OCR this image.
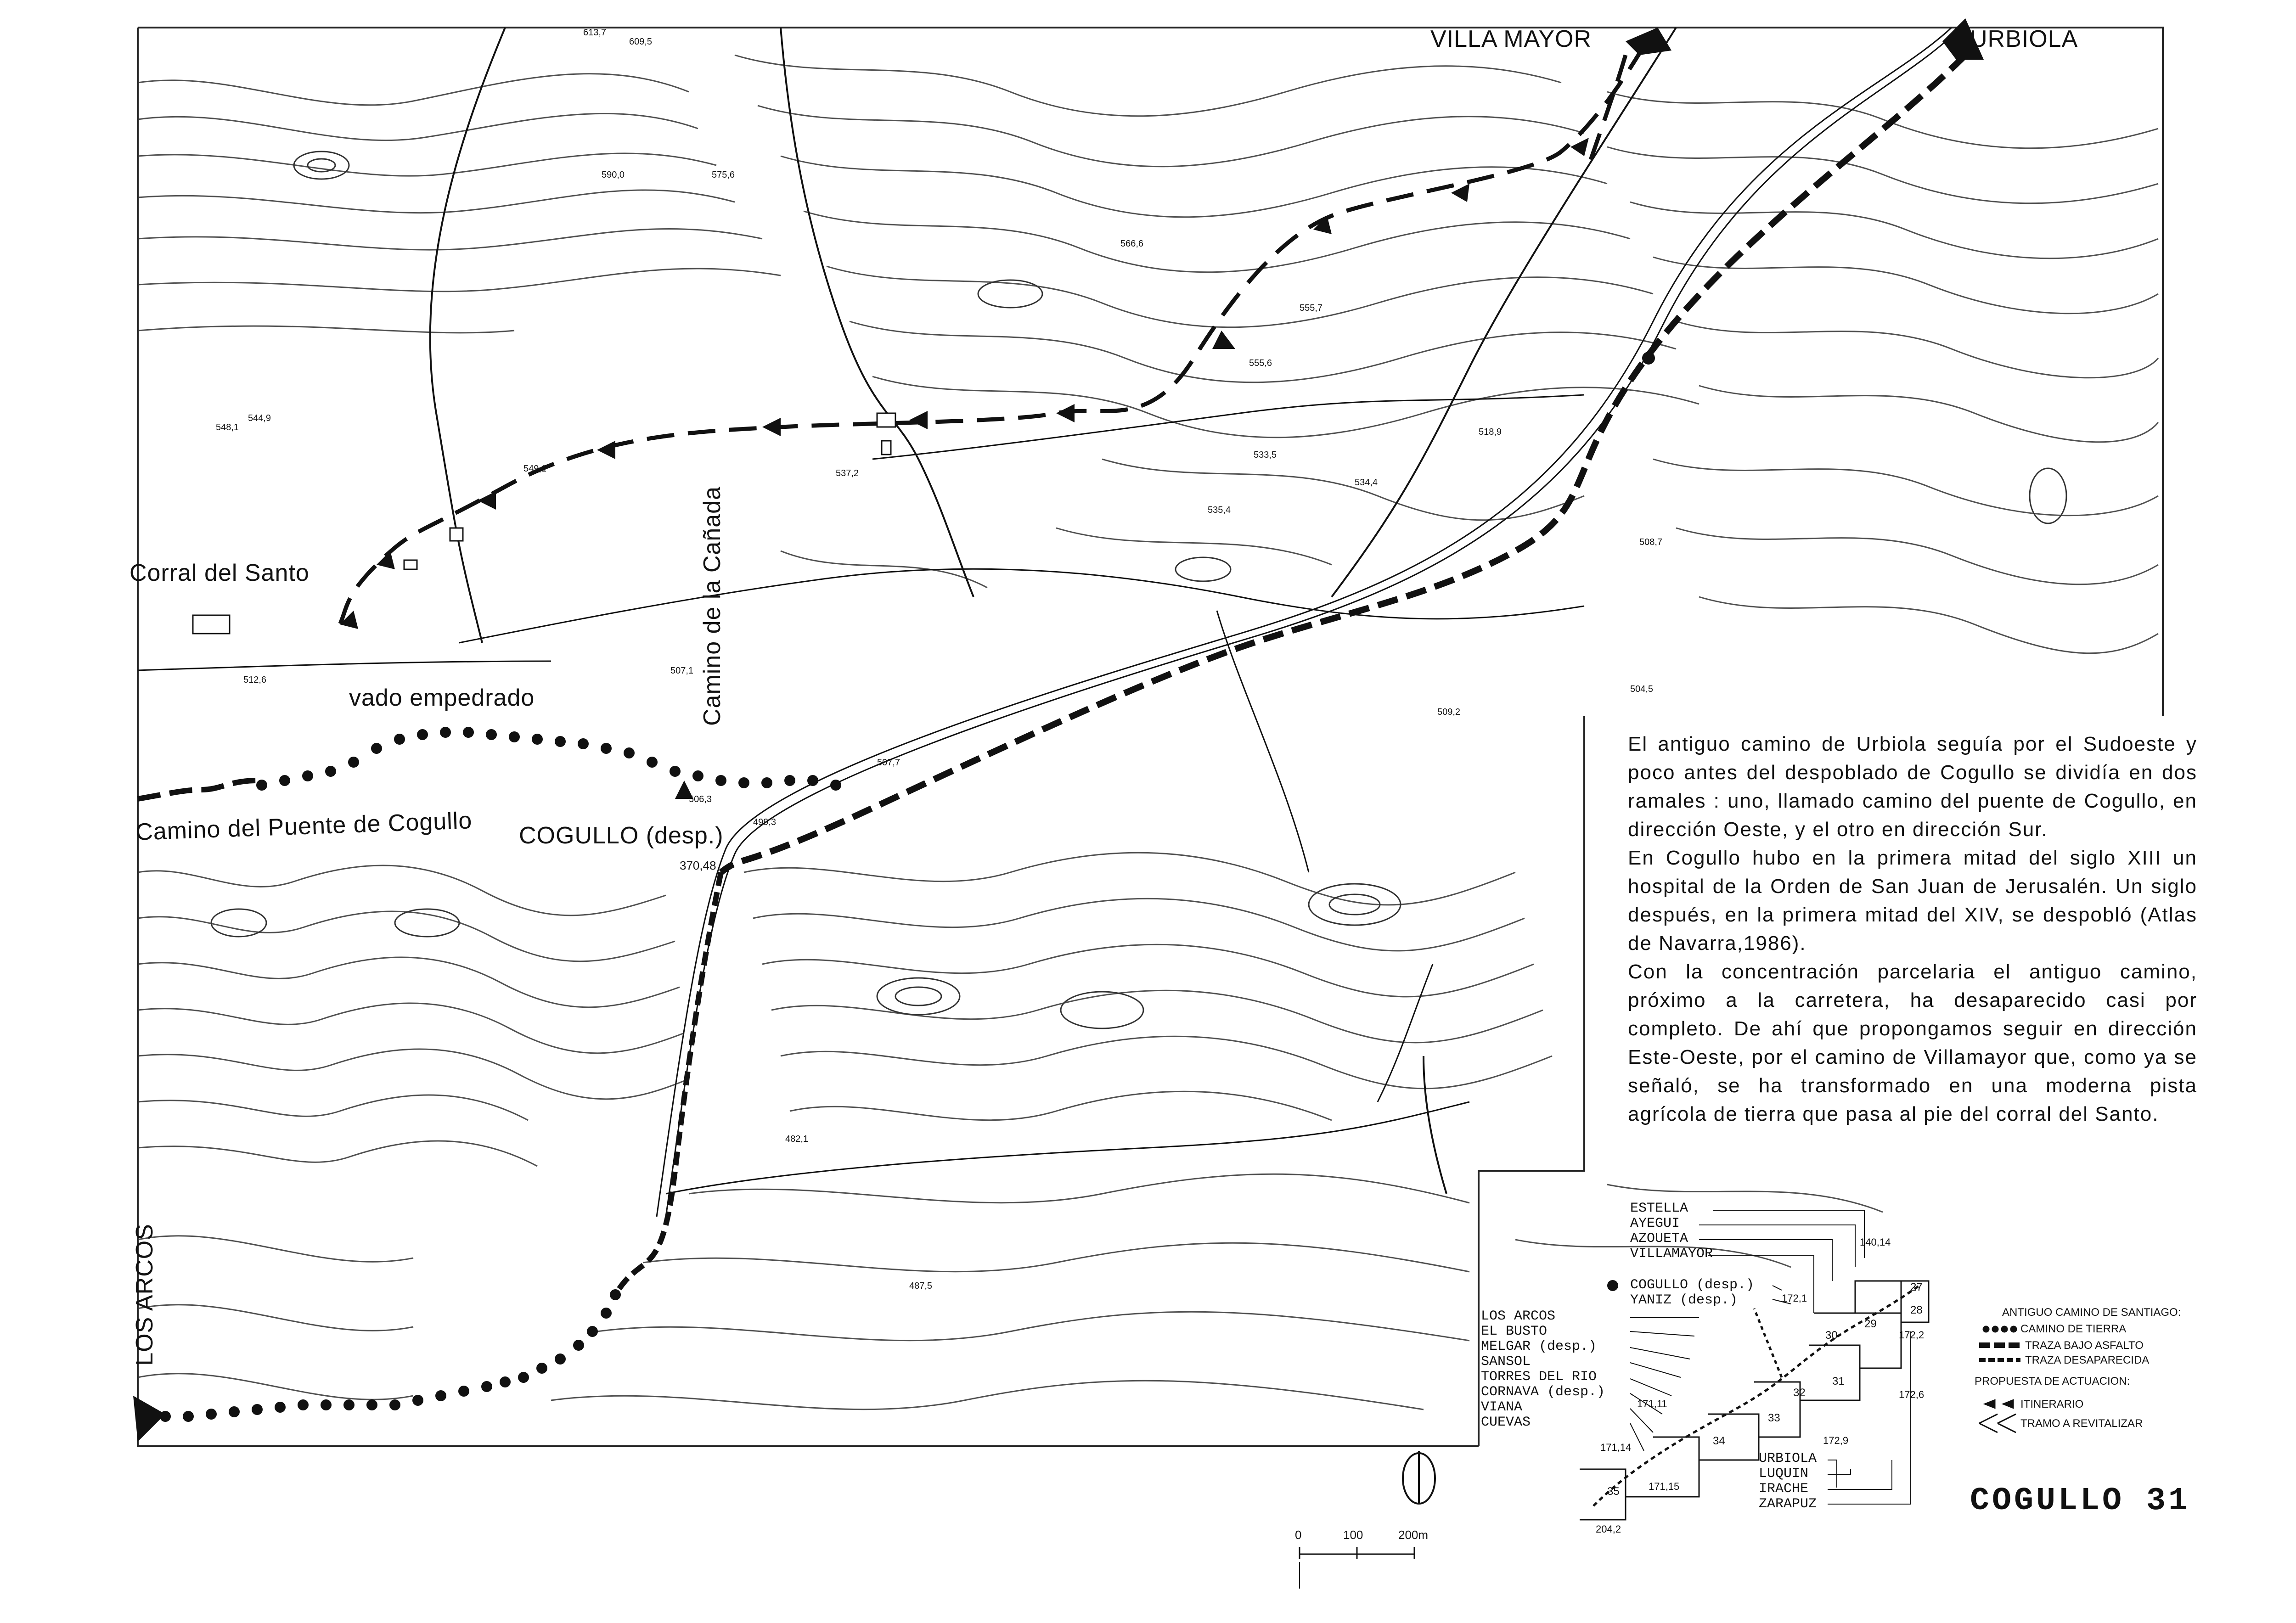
VILLA MAYOR	URBIOLA
Corral del Santo
vado empedrado
Camino del Puente de Cogullo COGULLO (desp.)
Camino de la Cañada
LOS ARCOS
613,7
609,5
590,0
566,6
575,6
555,6
548,1
555,7
549,1
544,9
537,2
533,5
535,4
518,9
508,7
504,5
509,2
507,7
506,3
499,3
512,6
507,1
534,4
482,1
487,5
370,48

El antiguo camino de Urbiola seguía por el Sudoeste y poco antes del despoblado de Cogullo se dividía en dos ramales : uno, llamado camino del puente de Cogullo, en dirección Oeste, y el otro en dirección Sur.

En Cogullo hubo en la primera mitad del siglo XIII un hospital de la Orden de San Juan de Jerusalén. Un siglo después, en la primera mitad del XIV, se despobló (Atlas de Navarra,1986).

Con la concentración parcelaria el antiguo camino, próximo a la carretera, ha desaparecido casi por completo. De ahí que propongamos seguir en dirección Este-Oeste, por el camino de Villamayor que, como ya se señaló, se ha transformado en una moderna pista agrícola de tierra que pasa al pie del corral del Santo.

ESTELLA
AYEGUI
AZOUETA
VILLAMAYOR
COGULLO (desp.)
YANIZ (desp.)
LOS ARCOS
EL BUSTO
MELGAR (desp.)
SANSOL
TORRES DEL RIO
CORNAVA (desp.)
VIANA
CUEVAS
URBIOLA
LUQUIN
IRACHE
ZARAPUZ
27
28
29
30
31
32
33
34
35
140,14
172,1
172,2
172,6
171,11
171,14
171,15
172,9
204,2
ANTIGUO CAMINO DE SANTIAGO:
CAMINO DE TIERRA
TRAZA BAJO ASFALTO
TRAZA DESAPARECIDA
PROPUESTA DE ACTUACION:
ITINERARIO
TRAMO A REVITALIZAR
0	100	200m
COGULLO 31
